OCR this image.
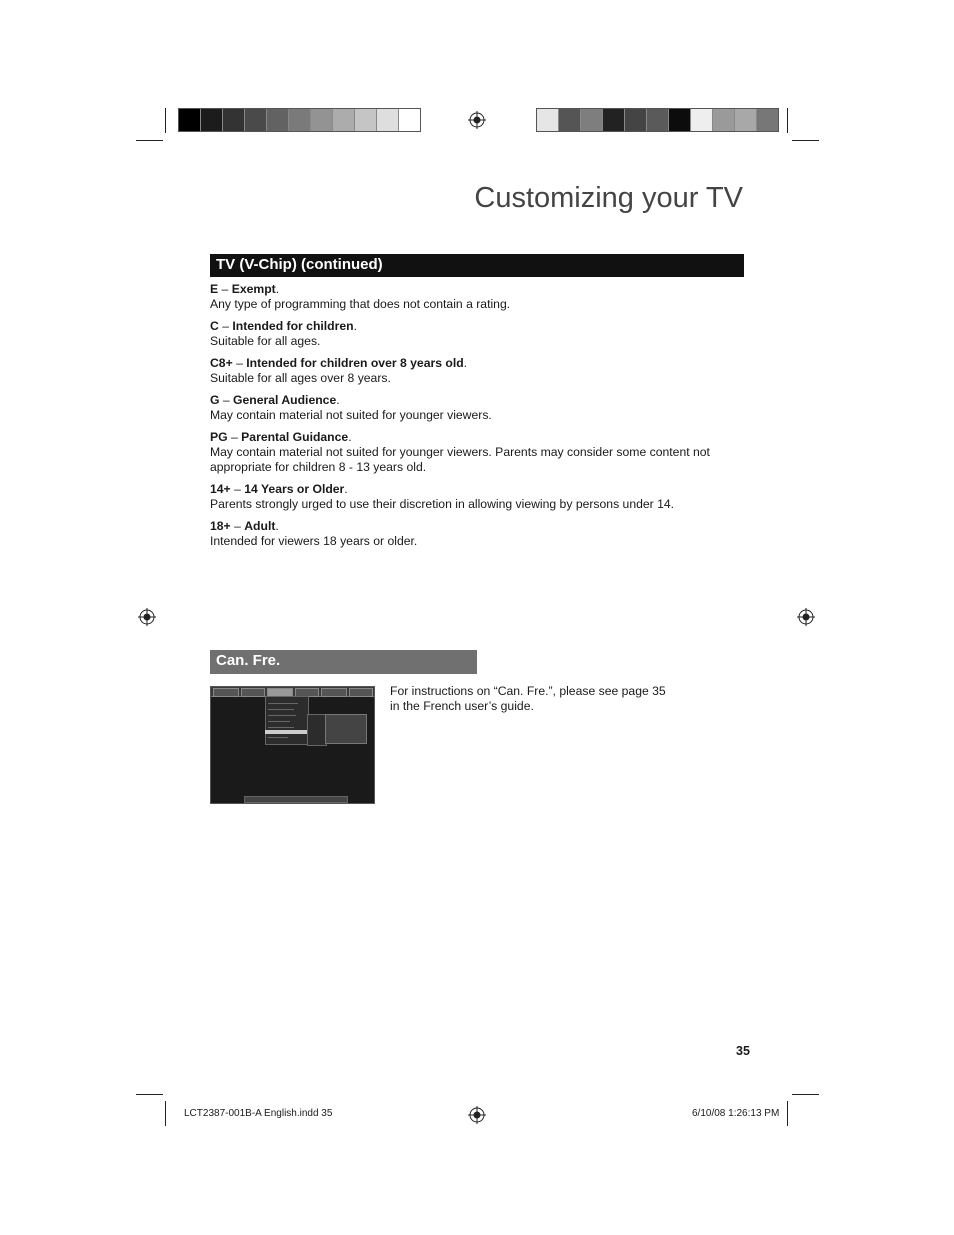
Customizing your TV
TV (V-Chip) (continued)
E – Exempt.
Any type of programming that does not contain a rating.
C – Intended for children.
Suitable for all ages.
C8+ – Intended for children over 8 years old.
Suitable for all ages over 8 years.
G – General Audience.
May contain material not suited for younger viewers.
PG – Parental Guidance.
May contain material not suited for younger viewers. Parents may consider some content not appropriate for children 8 - 13 years old.
14+ – 14 Years or Older.
Parents strongly urged to use their discretion in allowing viewing by persons under 14.
18+ – Adult.
Intended for viewers 18 years or older.
Can. Fre.
For instructions on “Can. Fre.”, please see page 35 in the French user’s guide.
35
LCT2387-001B-A English.indd 35	6/10/08 1:26:13 PM
